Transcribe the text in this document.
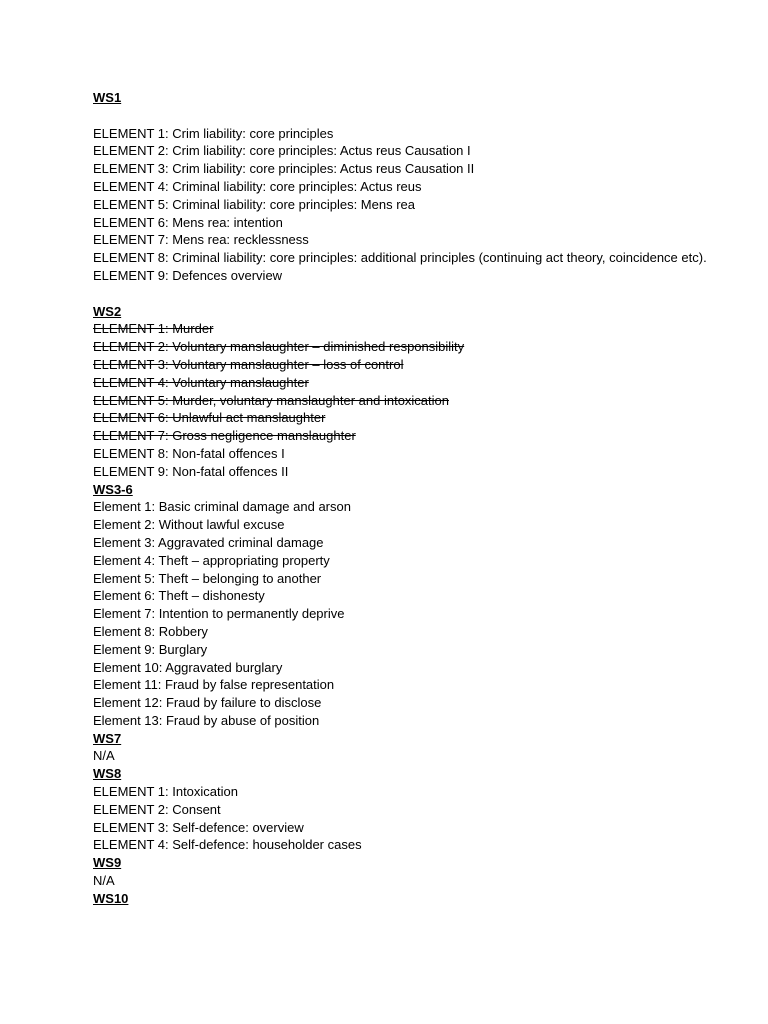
WS1

ELEMENT 1: Crim liability: core principles

ELEMENT 2: Crim liability: core principles: Actus reus Causation I

ELEMENT 3: Crim liability: core principles: Actus reus Causation II

ELEMENT 4: Criminal liability: core principles: Actus reus

ELEMENT 5: Criminal liability: core principles: Mens rea

ELEMENT 6: Mens rea: intention

ELEMENT 7: Mens rea: recklessness

ELEMENT 8: Criminal liability: core principles: additional principles (continuing act theory, coincidence etc).

ELEMENT 9: Defences overview

WS2

ELEMENT 1: Murder

ELEMENT 2: Voluntary manslaughter – diminished responsibility

ELEMENT 3: Voluntary manslaughter – loss of control

ELEMENT 4: Voluntary manslaughter

ELEMENT 5: Murder, voluntary manslaughter and intoxication

ELEMENT 6: Unlawful act manslaughter

ELEMENT 7: Gross negligence manslaughter

ELEMENT 8: Non-fatal offences I

ELEMENT 9: Non-fatal offences II

WS3-6

Element 1: Basic criminal damage and arson

Element 2: Without lawful excuse

Element 3: Aggravated criminal damage

Element 4: Theft – appropriating property

Element 5: Theft – belonging to another

Element 6: Theft – dishonesty

Element 7: Intention to permanently deprive

Element 8: Robbery

Element 9: Burglary

Element 10: Aggravated burglary

Element 11: Fraud by false representation

Element 12: Fraud by failure to disclose

Element 13: Fraud by abuse of position

WS7

N/A

WS8

ELEMENT 1: Intoxication

ELEMENT 2: Consent

ELEMENT 3: Self-defence: overview

ELEMENT 4: Self-defence: householder cases

WS9

N/A

WS10
